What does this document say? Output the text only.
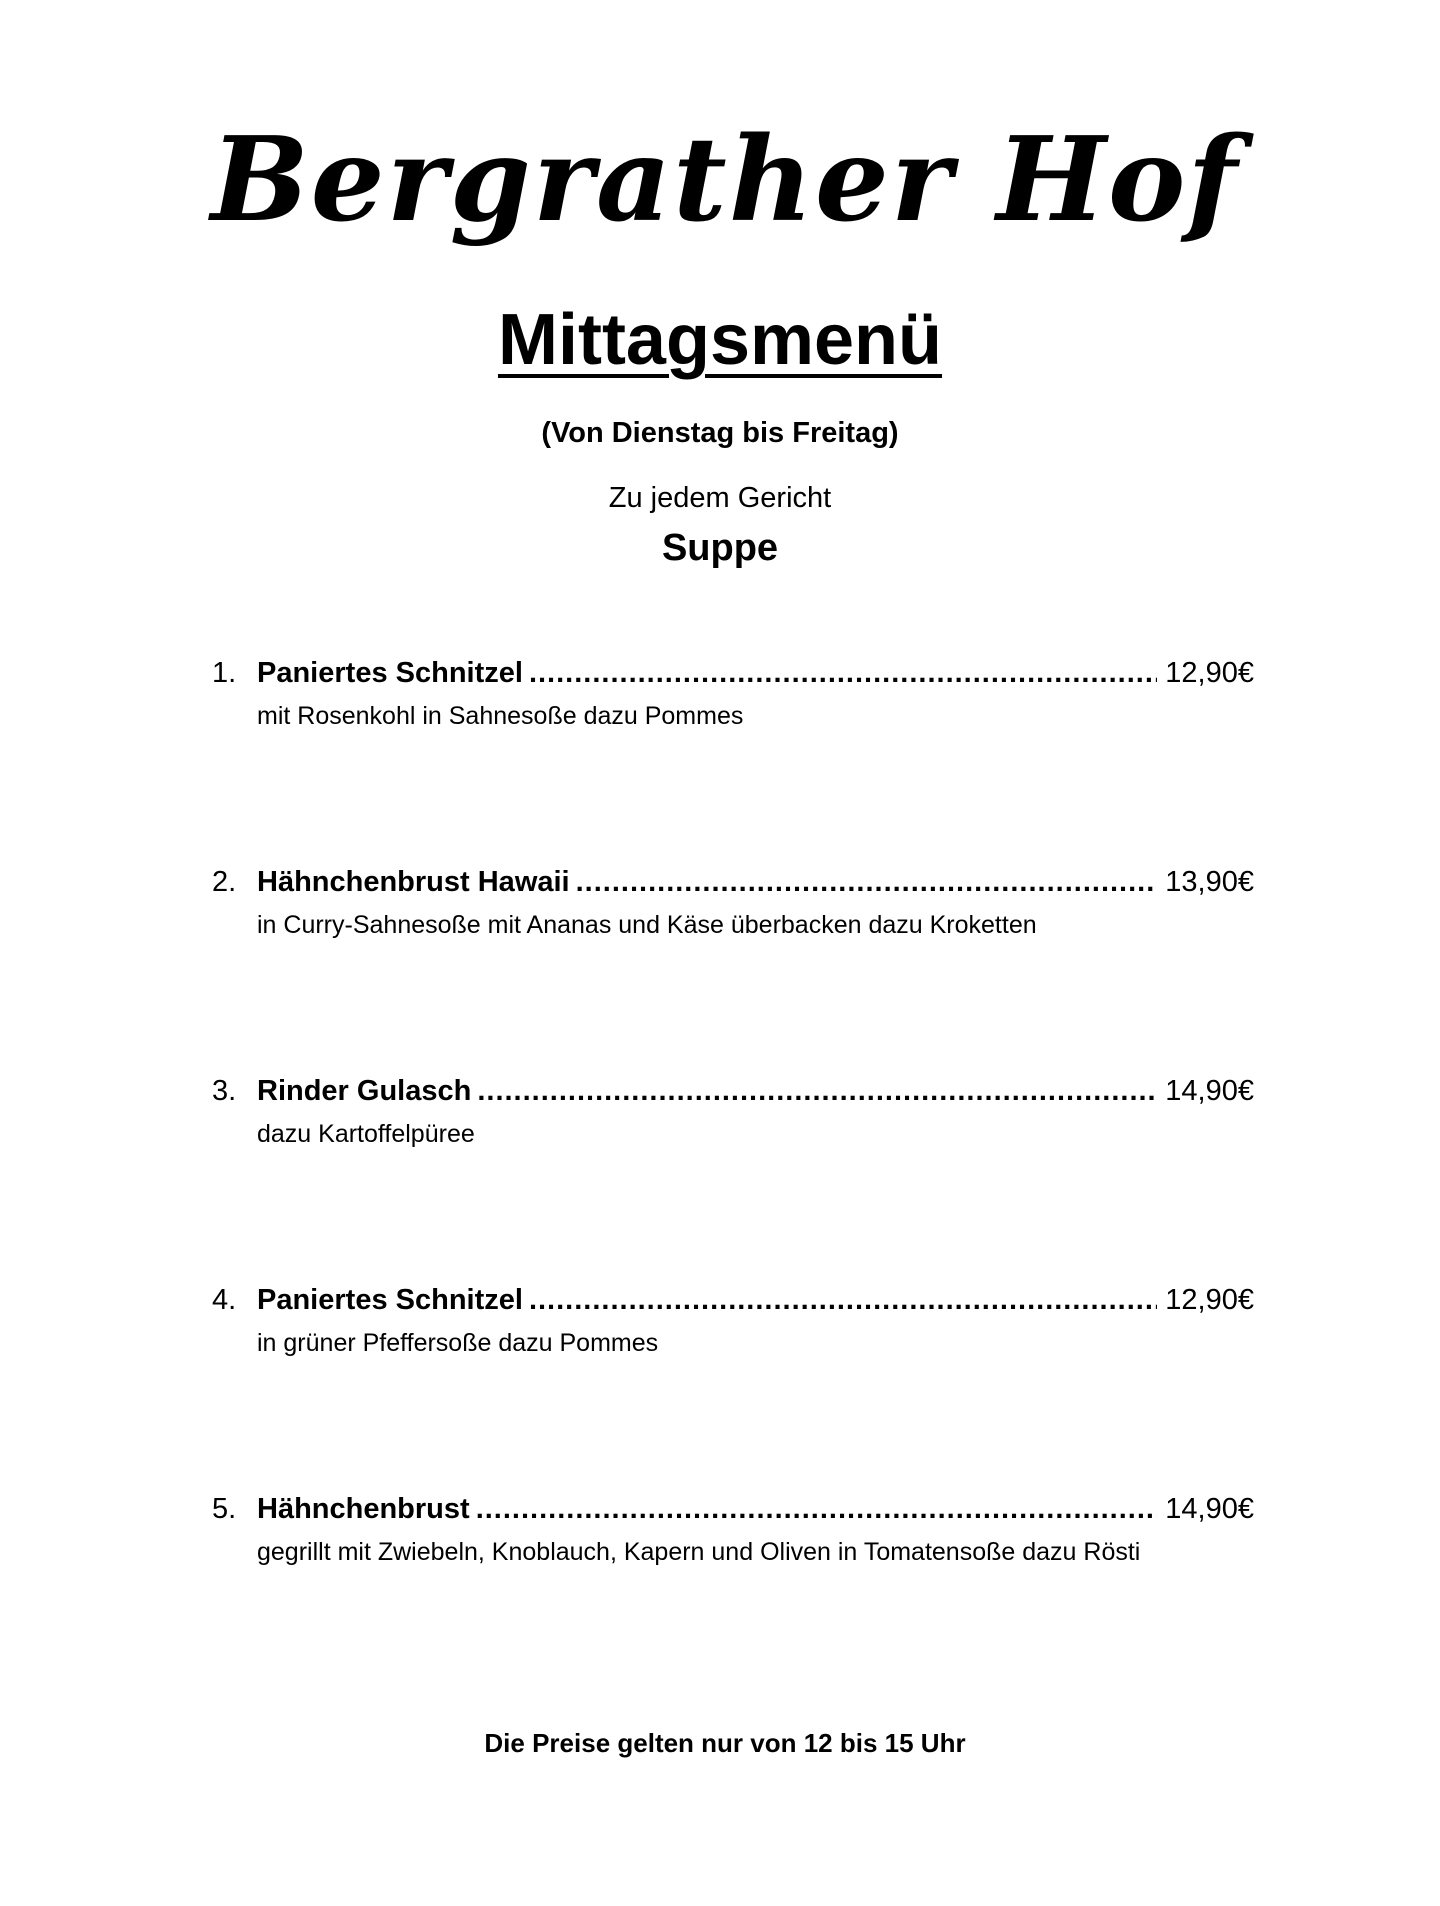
Bergrather Hof
Mittagsmenü
(Von Dienstag bis Freitag)
Zu jedem Gericht
Suppe
1. Paniertes Schnitzel .....	12,90€
mit Rosenkohl in Sahnesoße dazu Pommes
2. Hähnchenbrust Hawaii .....	13,90€
in Curry-Sahnesoße mit Ananas und Käse überbacken dazu Kroketten
3. Rinder Gulasch .....	14,90€
dazu Kartoffelpüree
4. Paniertes Schnitzel .....	12,90€
in grüner Pfeffersoße dazu Pommes
5. Hähnchenbrust .....	14,90€
gegrillt mit Zwiebeln, Knoblauch, Kapern und Oliven in Tomatensoße dazu Rösti
Die Preise gelten nur von 12 bis 15 Uhr
